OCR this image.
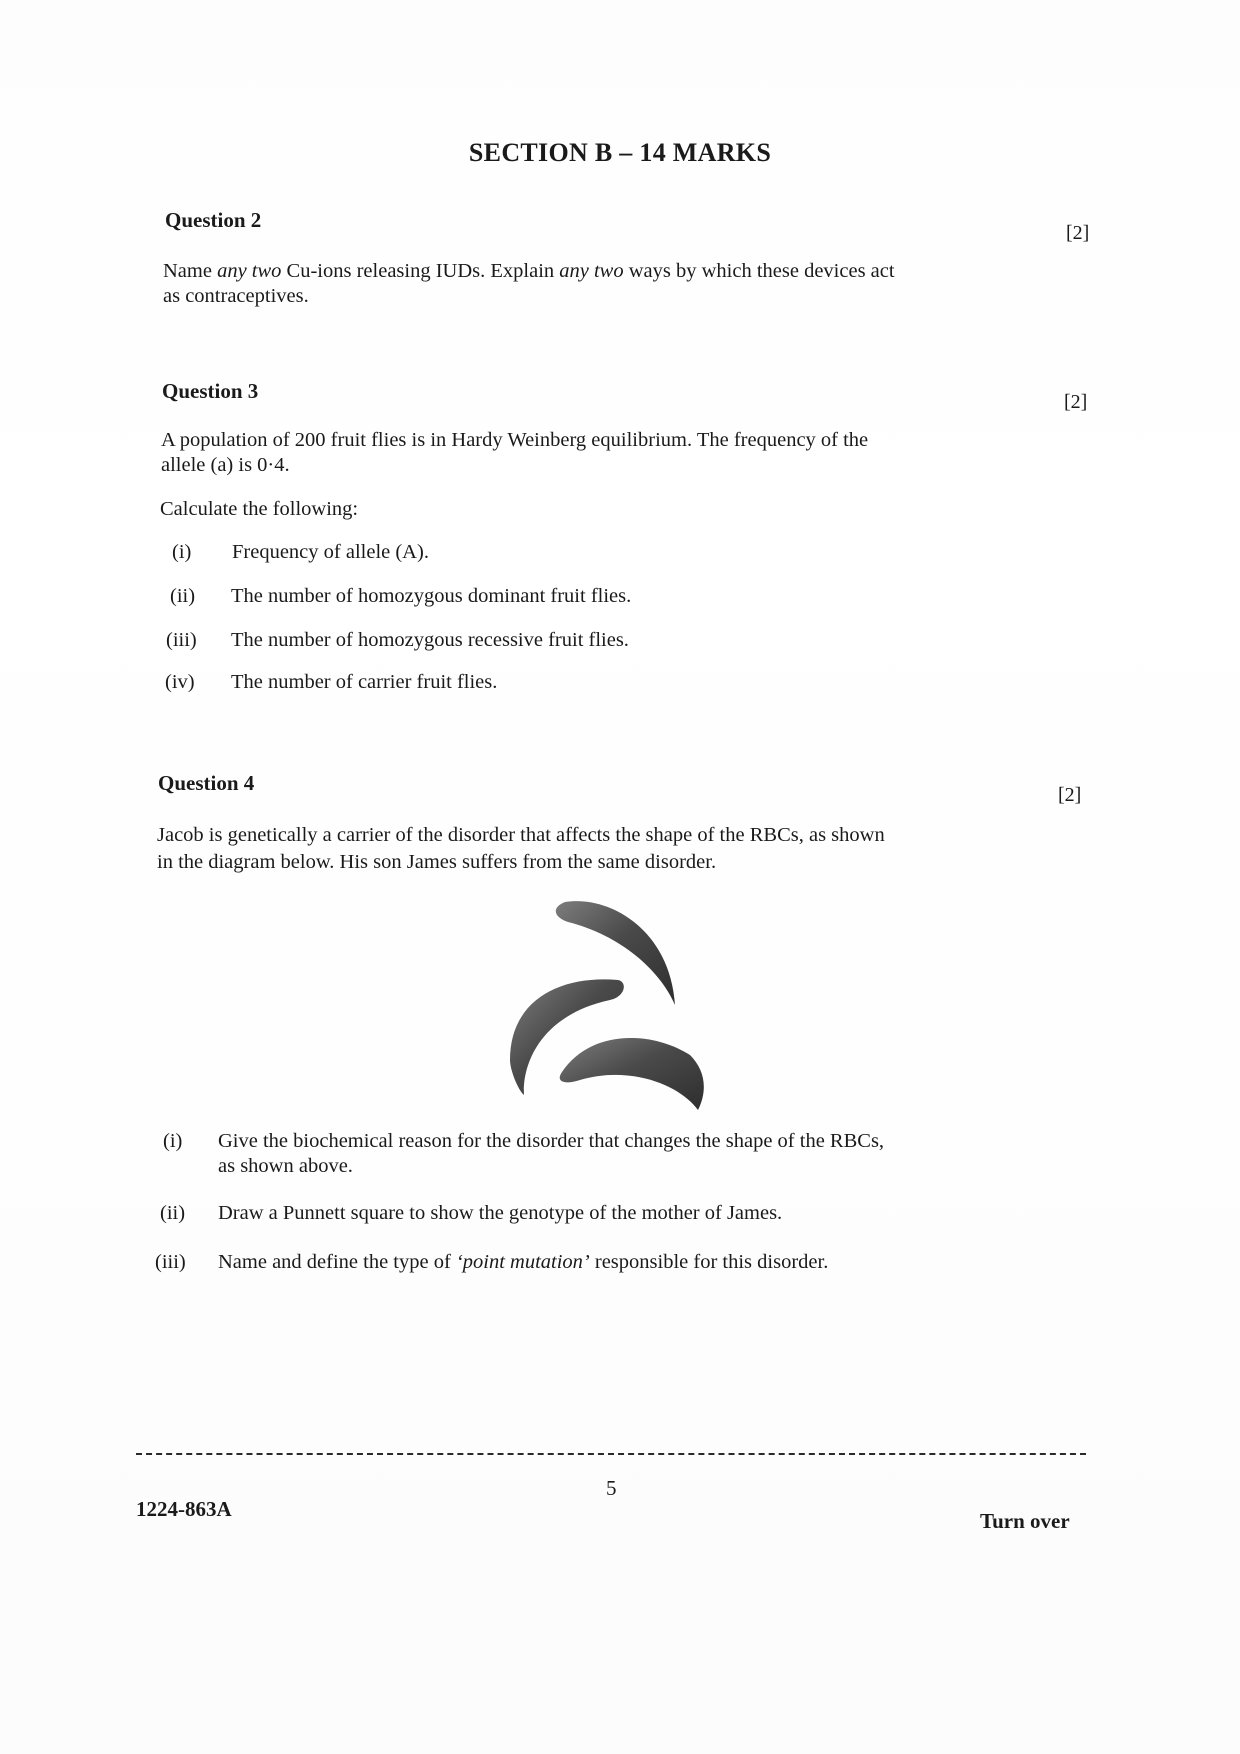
SECTION B – 14 MARKS
Question 2
[2]
Name any two Cu-ions releasing IUDs. Explain any two ways by which these devices act
as contraceptives.
Question 3	[2]
A population of 200 fruit flies is in Hardy Weinberg equilibrium. The frequency of the
allele (a) is 0·4.
Calculate the following:
(i) Frequency of allele (A).
(ii) The number of homozygous dominant fruit flies.
(iii) The number of homozygous recessive fruit flies.
(iv) The number of carrier fruit flies.
Question 4	[2]
Jacob is genetically a carrier of the disorder that affects the shape of the RBCs, as shown
in the diagram below. His son James suffers from the same disorder.
(i) Give the biochemical reason for the disorder that changes the shape of the RBCs,
as shown above.
(ii) Draw a Punnett square to show the genotype of the mother of James.
(iii) Name and define the type of ‘point mutation’ responsible for this disorder.
5
1224-863A	Turn over
